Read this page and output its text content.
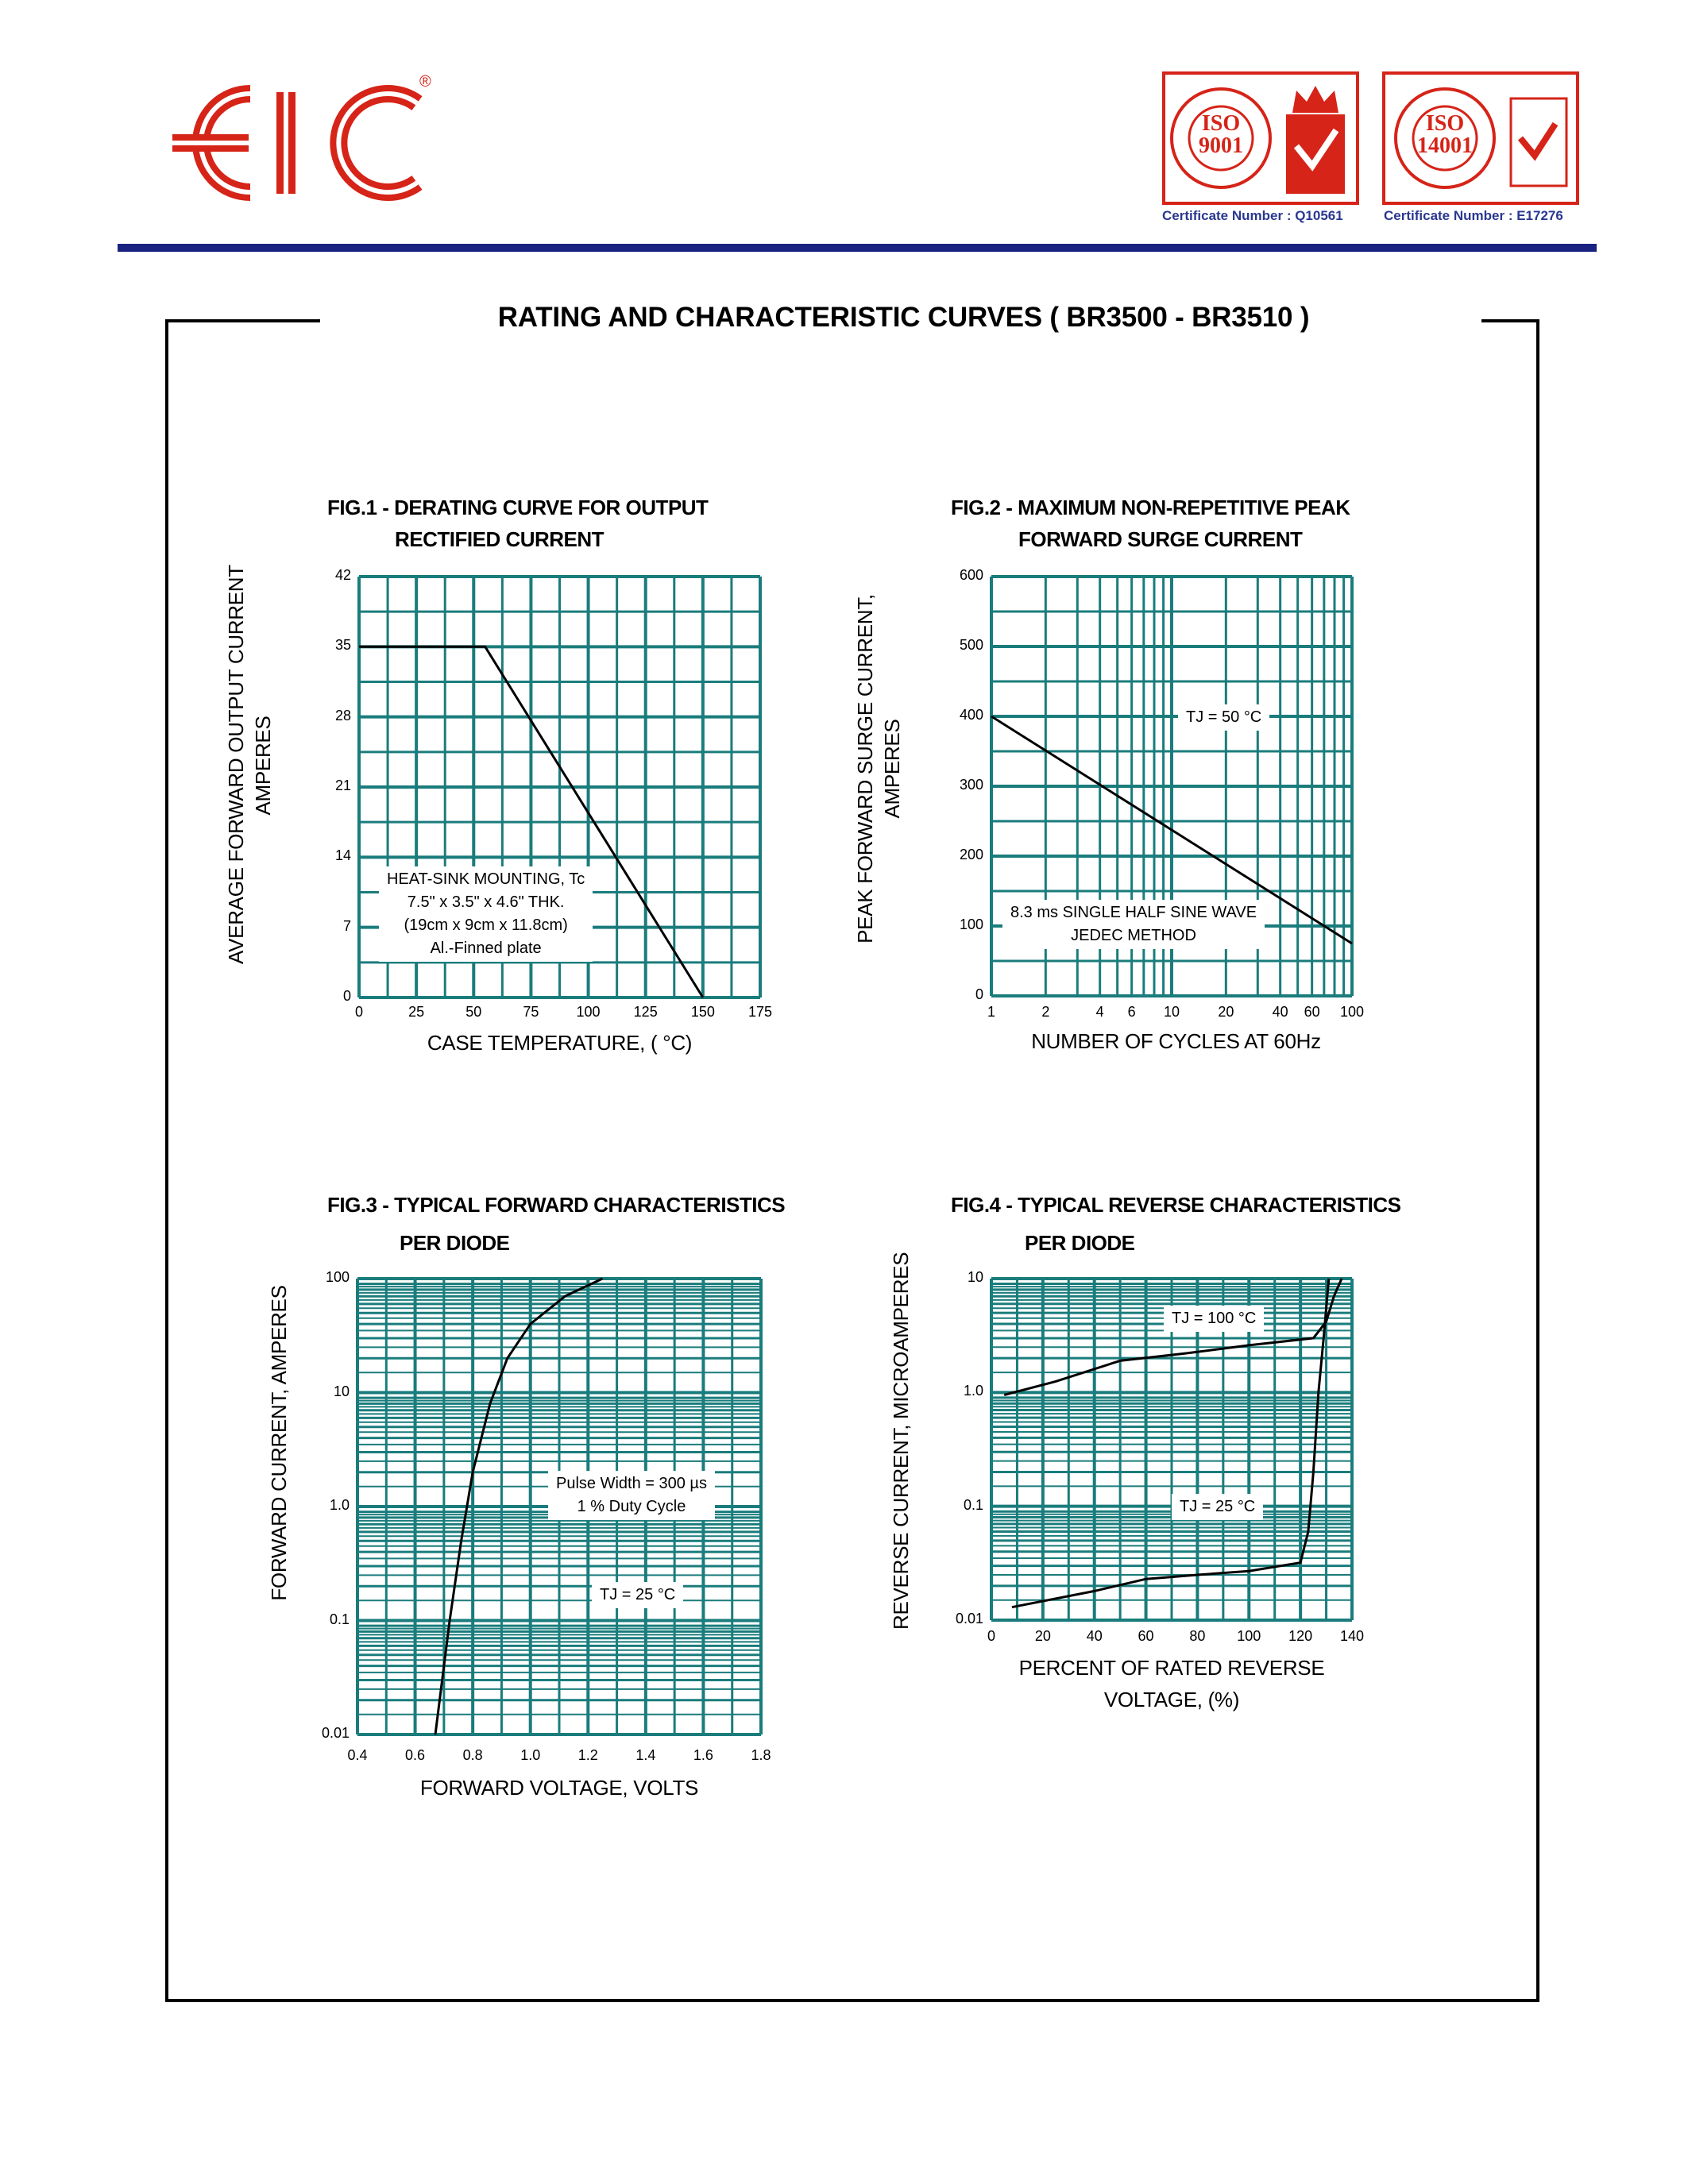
®
ISO
9001
Certificate Number : Q10561
ISO
14001
Certificate Number : E17276
RATING AND CHARACTERISTIC CURVES ( BR3500 - BR3510 )
FIG.1 - DERATING CURVE FOR OUTPUT
RECTIFIED CURRENT
AVERAGE FORWARD OUTPUT CURRENT AMPERES
CASE TEMPERATURE, ( °C)
HEAT-SINK MOUNTING, Tc
7.5" x 3.5" x 4.6" THK.
(19cm x 9cm x 11.8cm)
Al.-Finned plate
FIG.2 - MAXIMUM NON-REPETITIVE PEAK
FORWARD SURGE CURRENT
PEAK FORWARD SURGE CURRENT, AMPERES
NUMBER OF CYCLES AT 60Hz
TJ = 50 °C
8.3 ms SINGLE HALF SINE WAVE
JEDEC METHOD
FIG.3 - TYPICAL FORWARD CHARACTERISTICS
PER DIODE
FORWARD CURRENT, AMPERES
FORWARD VOLTAGE, VOLTS
Pulse Width = 300 µs
1 % Duty Cycle
TJ = 25 °C
FIG.4 - TYPICAL REVERSE CHARACTERISTICS
PER DIODE
REVERSE CURRENT, MICROAMPERES
PERCENT OF RATED REVERSE
VOLTAGE, (%)
TJ = 100 °C
TJ = 25 °C
0	25	50	75	100	125	150	175
0
7
14
21
28
35
42
1	2	4	6	10	20	40	60	100
0
100
200
300
400
500
600
0.4	0.6	0.8	1.0	1.2	1.4	1.6	1.8
0.01
0.1
1.0
10
100
0	20	40	60	80	100	120	140
0.01
0.1
1.0
10
